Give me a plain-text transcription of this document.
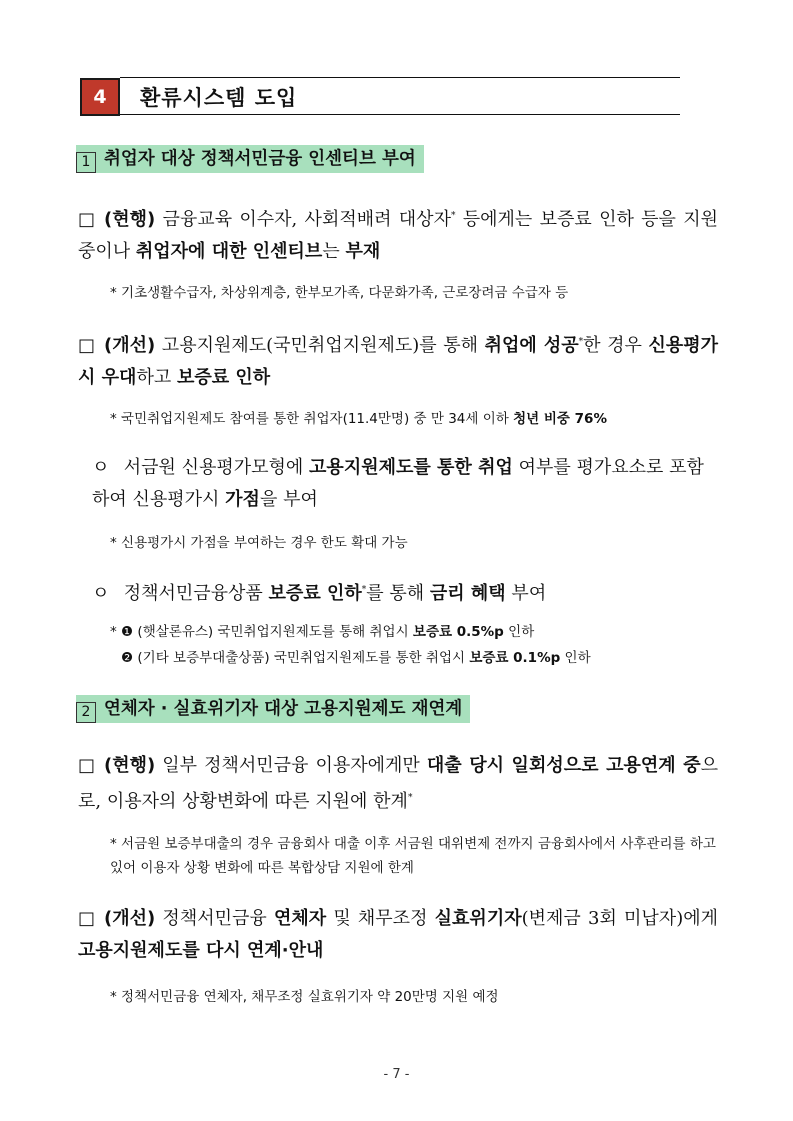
4	환류시스템 도입
1 취업자 대상 정책서민금융 인센티브 부여
□ (현행) 금융교육 이수자, 사회적배려 대상자* 등에게는 보증료 인하 등을 지원 중이나 취업자에 대한 인센티브는 부재
* 기초생활수급자, 차상위계층, 한부모가족, 다문화가족, 근로장려금 수급자 등
□ (개선) 고용지원제도(국민취업지원제도)를 통해 취업에 성공*한 경우 신용평가시 우대하고 보증료 인하
* 국민취업지원제도 참여를 통한 취업자(11.4만명) 중 만 34세 이하 청년 비중 76%
ㅇ 서금원 신용평가모형에 고용지원제도를 통한 취업 여부를 평가요소로 포함하여 신용평가시 가점을 부여
* 신용평가시 가점을 부여하는 경우 한도 확대 가능
ㅇ 정책서민금융상품 보증료 인하*를 통해 금리 혜택 부여
* ❶ (햇살론유스) 국민취업지원제도를 통해 취업시 보증료 0.5%p 인하
❷ (기타 보증부대출상품) 국민취업지원제도를 통한 취업시 보증료 0.1%p 인하
2 연체자 · 실효위기자 대상 고용지원제도 재연계
□ (현행) 일부 정책서민금융 이용자에게만 대출 당시 일회성으로 고용연계 중으로, 이용자의 상황변화에 따른 지원에 한계*
* 서금원 보증부대출의 경우 금융회사 대출 이후 서금원 대위변제 전까지 금융회사에서 사후관리를 하고 있어 이용자 상황 변화에 따른 복합상담 지원에 한계
□ (개선) 정책서민금융 연체자 및 채무조정 실효위기자(변제금 3회 미납자)에게 고용지원제도를 다시 연계·안내
* 정책서민금융 연체자, 채무조정 실효위기자 약 20만명 지원 예정
- 7 -
